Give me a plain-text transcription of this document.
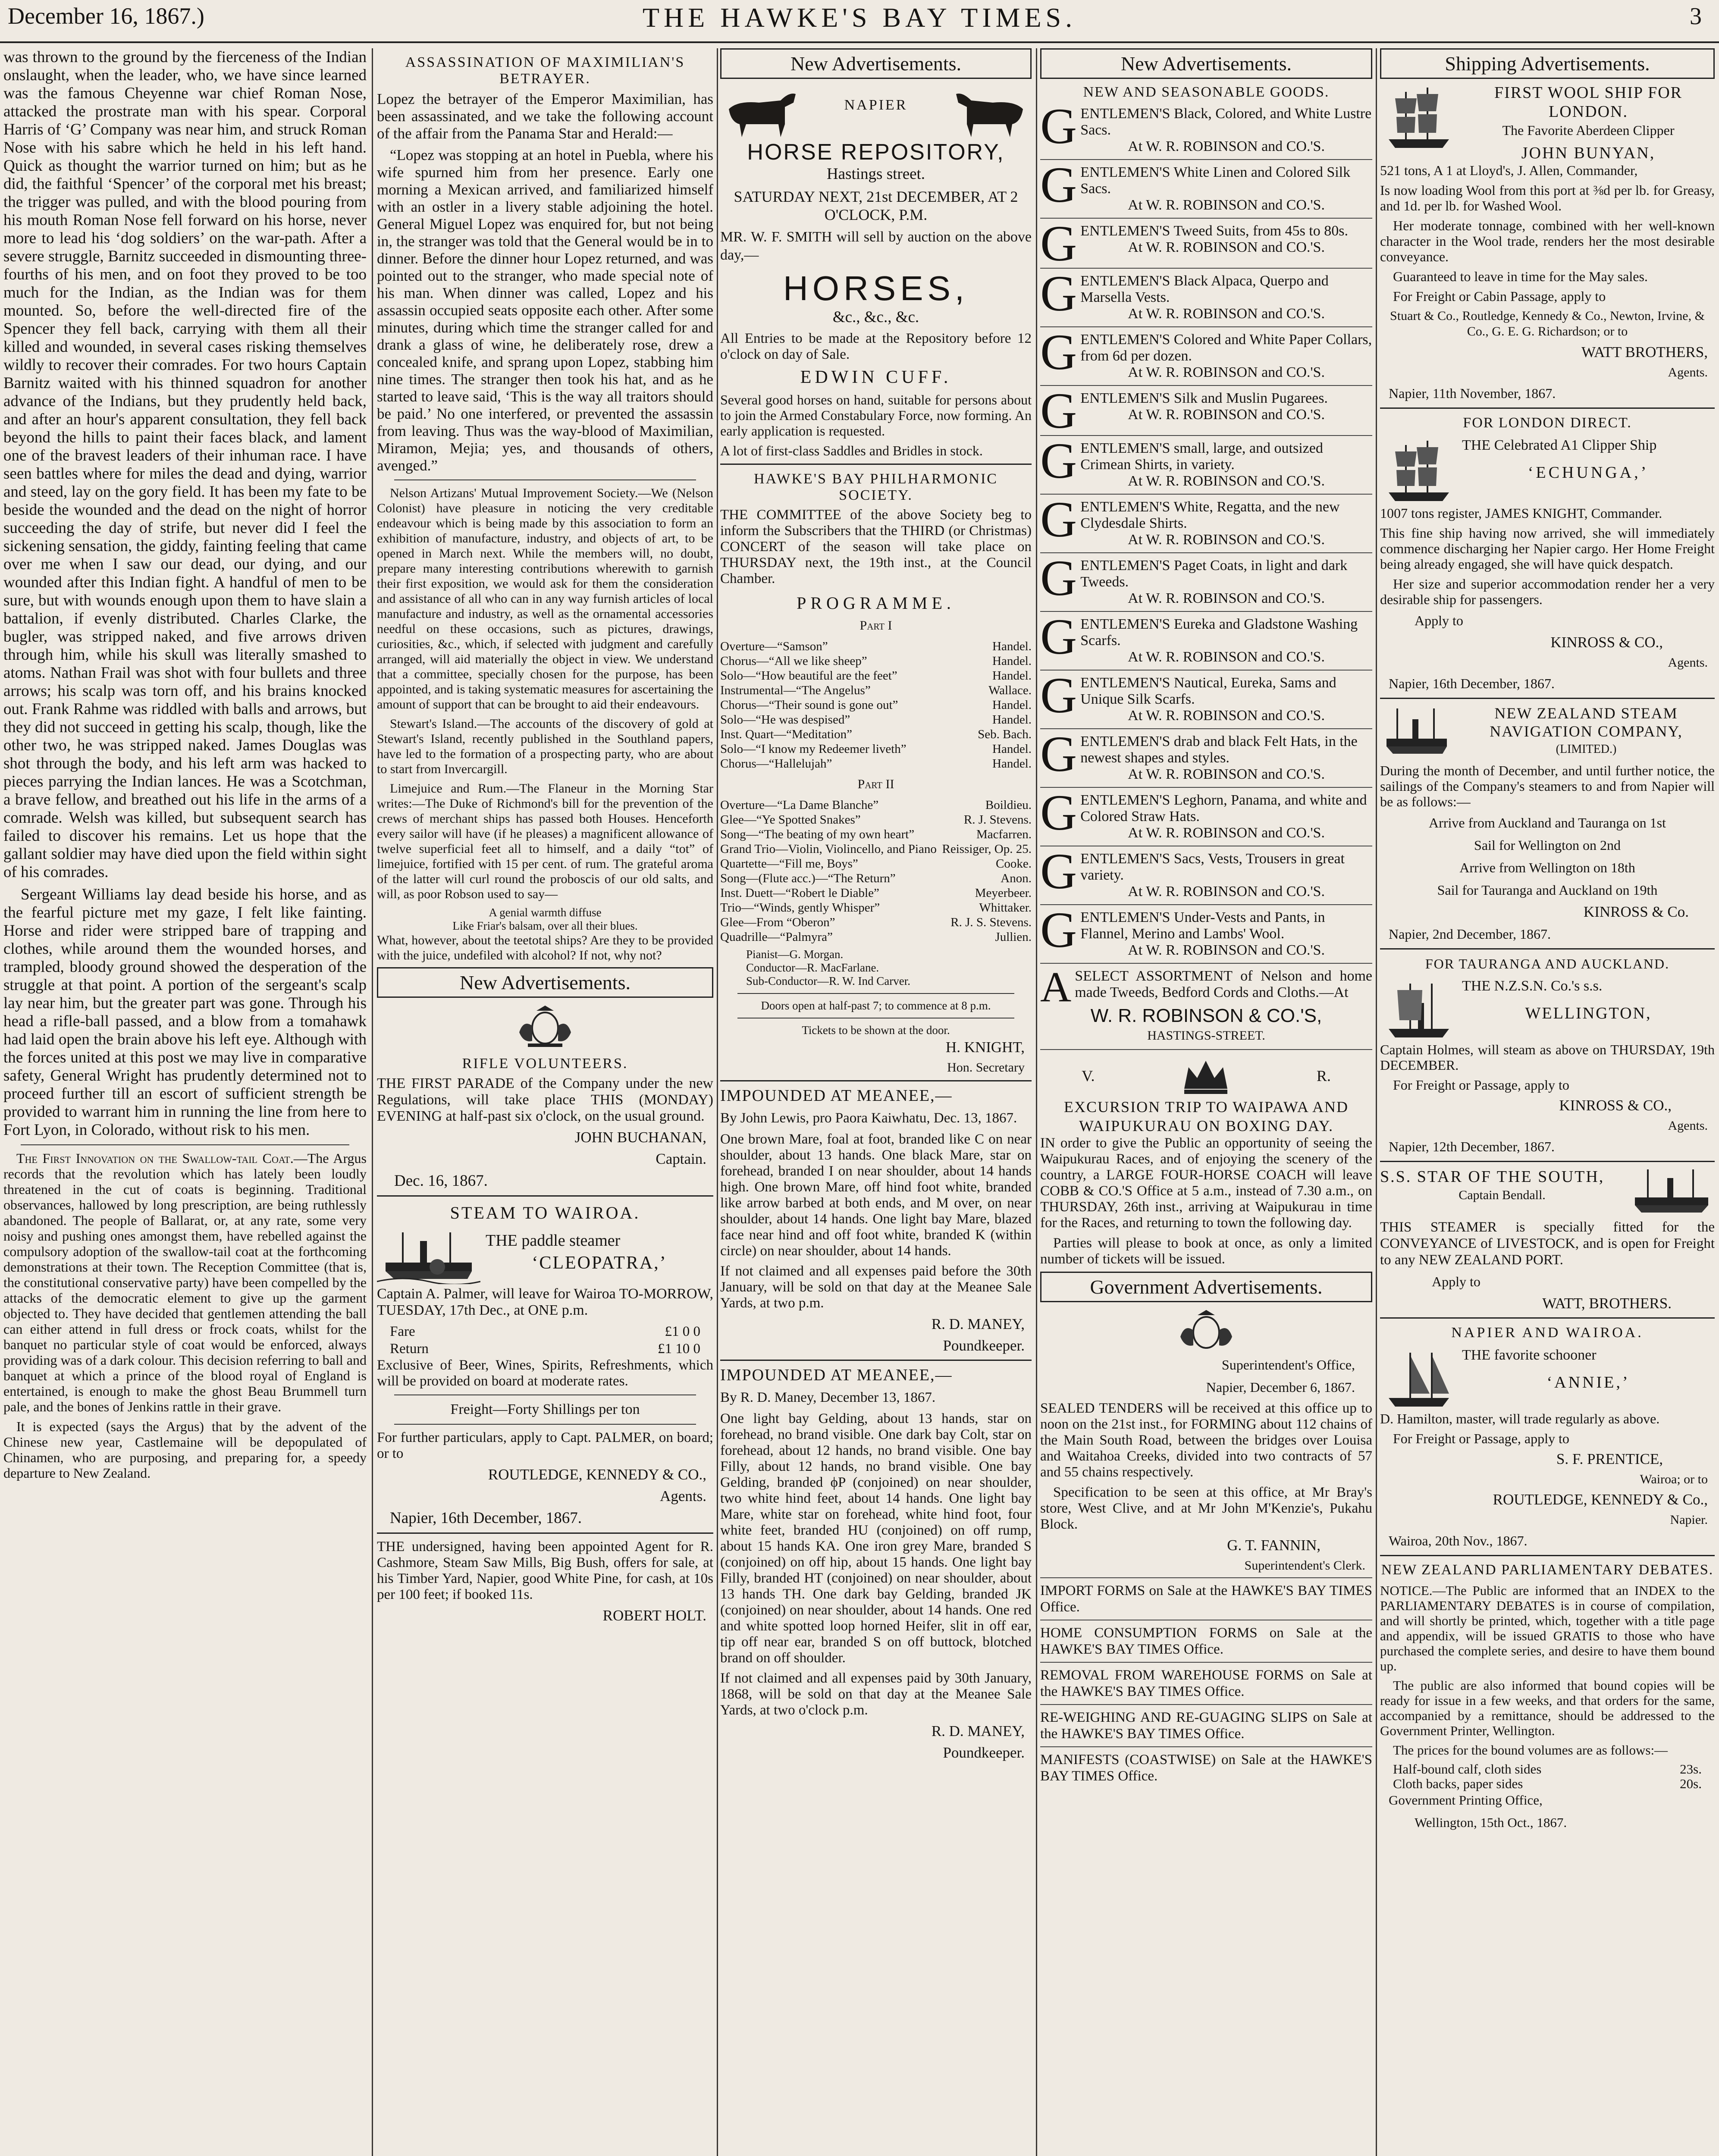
December 16, 1867.)	THE HAWKE'S BAY TIMES.	3

was thrown to the ground by the fierceness of the Indian onslaught, when the leader, who, we have since learned was the famous Cheyenne war chief Roman Nose, attacked the prostrate man with his spear. Corporal Harris of ‘G’ Company was near him, and struck Roman Nose with his sabre which he held in his left hand. Quick as thought the warrior turned on him; but as he did, the faithful ‘Spencer’ of the corporal met his breast; the trigger was pulled, and with the blood pouring from his mouth Roman Nose fell forward on his horse, never more to lead his ‘dog soldiers’ on the war-path. After a severe struggle, Barnitz succeeded in dismounting three-fourths of his men, and on foot they proved to be too much for the Indian, as the Indian was for them mounted. So, before the well-directed fire of the Spencer they fell back, carrying with them all their killed and wounded, in several cases risking themselves wildly to recover their comrades. For two hours Captain Barnitz waited with his thinned squadron for another advance of the Indians, but they prudently held back, and after an hour's apparent consultation, they fell back beyond the hills to paint their faces black, and lament one of the bravest leaders of their inhuman race. I have seen battles where for miles the dead and dying, warrior and steed, lay on the gory field. It has been my fate to be beside the wounded and the dead on the night of horror succeeding the day of strife, but never did I feel the sickening sensation, the giddy, fainting feeling that came over me when I saw our dead, our dying, and our wounded after this Indian fight. A handful of men to be sure, but with wounds enough upon them to have slain a battalion, if evenly distributed. Charles Clarke, the bugler, was stripped naked, and five arrows driven through him, while his skull was literally smashed to atoms. Nathan Frail was shot with four bullets and three arrows; his scalp was torn off, and his brains knocked out. Frank Rahme was riddled with balls and arrows, but they did not succeed in getting his scalp, though, like the other two, he was stripped naked. James Douglas was shot through the body, and his left arm was hacked to pieces parrying the Indian lances. He was a Scotchman, a brave fellow, and breathed out his life in the arms of a comrade. Welsh was killed, but subsequent search has failed to discover his remains. Let us hope that the gallant soldier may have died upon the field within sight of his comrades.

Sergeant Williams lay dead beside his horse, and as the fearful picture met my gaze, I felt like fainting. Horse and rider were stripped bare of trapping and clothes, while around them the wounded horses, and trampled, bloody ground showed the desperation of the struggle at that point. A portion of the sergeant's scalp lay near him, but the greater part was gone. Through his head a rifle-ball passed, and a blow from a tomahawk had laid open the brain above his left eye. Although with the forces united at this post we may live in comparative safety, General Wright has prudently determined not to proceed further till an escort of sufficient strength be provided to warrant him in running the line from here to Fort Lyon, in Colorado, without risk to his men.

The First Innovation on the Swallow-tail Coat.—The Argus records that the revolution which has lately been loudly threatened in the cut of coats is beginning. Traditional observances, hallowed by long prescription, are being ruthlessly abandoned. The people of Ballarat, or, at any rate, some very noisy and pushing ones amongst them, have rebelled against the compulsory adoption of the swallow-tail coat at the forthcoming demonstrations at their town. The Reception Committee (that is, the constitutional conservative party) have been compelled by the attacks of the democratic element to give up the garment objected to. They have decided that gentlemen attending the ball can either attend in full dress or frock coats, whilst for the banquet no particular style of coat would be enforced, always providing was of a dark colour. This decision referring to ball and banquet at which a prince of the blood royal of England is entertained, is enough to make the ghost Beau Brummell turn pale, and the bones of Jenkins rattle in their grave.

It is expected (says the Argus) that by the advent of the Chinese new year, Castlemaine will be depopulated of Chinamen, who are purposing, and preparing for, a speedy departure to New Zealand.

ASSASSINATION OF MAXIMILIAN'S BETRAYER.

Lopez the betrayer of the Emperor Maximilian, has been assassinated, and we take the following account of the affair from the Panama Star and Herald:—

“Lopez was stopping at an hotel in Puebla, where his wife spurned him from her presence. Early one morning a Mexican arrived, and familiarized himself with an ostler in a livery stable adjoining the hotel. General Miguel Lopez was enquired for, but not being in, the stranger was told that the General would be in to dinner. Before the dinner hour Lopez returned, and was pointed out to the stranger, who made special note of his man. When dinner was called, Lopez and his assassin occupied seats opposite each other. After some minutes, during which time the stranger called for and drank a glass of wine, he deliberately rose, drew a concealed knife, and sprang upon Lopez, stabbing him nine times. The stranger then took his hat, and as he started to leave said, ‘This is the way all traitors should be paid.’ No one interfered, or prevented the assassin from leaving. Thus was the way-blood of Maximilian, Miramon, Mejia; yes, and thousands of others, avenged.”

Nelson Artizans' Mutual Improvement Society.—We (Nelson Colonist) have pleasure in noticing the very creditable endeavour which is being made by this association to form an exhibition of manufacture, industry, and objects of art, to be opened in March next. While the members will, no doubt, prepare many interesting contributions wherewith to garnish their first exposition, we would ask for them the consideration and assistance of all who can in any way furnish articles of local manufacture and industry, as well as the ornamental accessories needful on these occasions, such as pictures, drawings, curiosities, &c., which, if selected with judgment and carefully arranged, will aid materially the object in view. We understand that a committee, specially chosen for the purpose, has been appointed, and is taking systematic measures for ascertaining the amount of support that can be brought to aid their endeavours.

Stewart's Island.—The accounts of the discovery of gold at Stewart's Island, recently published in the Southland papers, have led to the formation of a prospecting party, who are about to start from Invercargill.

Limejuice and Rum.—The Flaneur in the Morning Star writes:—The Duke of Richmond's bill for the prevention of the crews of merchant ships has passed both Houses. Henceforth every sailor will have (if he pleases) a magnificent allowance of twelve superficial feet all to himself, and a daily “tot” of limejuice, fortified with 15 per cent. of rum. The grateful aroma of the latter will curl round the proboscis of our old salts, and will, as poor Robson used to say—

A genial warmth diffuse
Like Friar's balsam, over all their blues.

What, however, about the teetotal ships? Are they to be provided with the juice, undefiled with alcohol? If not, why not?

New Advertisements.
RIFLE VOLUNTEERS.

THE FIRST PARADE of the Company under the new Regulations, will take place THIS (MONDAY) EVENING at half-past six o'clock, on the usual ground.

JOHN BUCHANAN,
Captain.
Dec. 16, 1867.
STEAM TO WAIROA.
THE paddle steamer
‘CLEOPATRA,’

Captain A. Palmer, will leave for Wairoa TO-MORROW, TUESDAY, 17th Dec., at ONE p.m.

Fare	£1 0 0
Return	£1 10 0

Exclusive of Beer, Wines, Spirits, Refreshments, which will be provided on board at moderate rates.

Freight—Forty Shillings per ton

For further particulars, apply to Capt. PALMER, on board; or to

ROUTLEDGE, KENNEDY & CO.,
Agents.
Napier, 16th December, 1867.

THE undersigned, having been appointed Agent for R. Cashmore, Steam Saw Mills, Big Bush, offers for sale, at his Timber Yard, Napier, good White Pine, for cash, at 10s per 100 feet; if booked 11s.

ROBERT HOLT.
New Advertisements.
NAPIER
HORSE REPOSITORY,
Hastings street.
SATURDAY NEXT, 21st DECEMBER, AT 2 O'CLOCK, P.M.

MR. W. F. SMITH will sell by auction on the above day,—

HORSES,
&c., &c., &c.

All Entries to be made at the Repository before 12 o'clock on day of Sale.

EDWIN CUFF.

Several good horses on hand, suitable for persons about to join the Armed Constabulary Force, now forming. An early application is requested.

A lot of first-class Saddles and Bridles in stock.

HAWKE'S BAY PHILHARMONIC SOCIETY.

THE COMMITTEE of the above Society beg to inform the Subscribers that the THIRD (or Christmas) CONCERT of the season will take place on THURSDAY next, the 19th inst., at the Council Chamber.

PROGRAMME.
Part I
Overture—“Samson”	Handel.
Chorus—“All we like sheep”	Handel.
Solo—“How beautiful are the feet”	Handel.
Instrumental—“The Angelus”	Wallace.
Chorus—“Their sound is gone out”	Handel.
Solo—“He was despised”	Handel.
Inst. Quart—“Meditation”	Seb. Bach.
Solo—“I know my Redeemer liveth”	Handel.
Chorus—“Hallelujah”	Handel.
Part II
Overture—“La Dame Blanche”	Boildieu.
Glee—“Ye Spotted Snakes”	R. J. Stevens.
Song—“The beating of my own heart”	Macfarren.
Grand Trio—Violin, Violincello, and Piano Reissiger, Op. 25.
Quartette—“Fill me, Boys”	Cooke.
Song—(Flute acc.)—“The Return”	Anon.
Inst. Duett—“Robert le Diable”	Meyerbeer.
Trio—“Winds, gently Whisper”	Whittaker.
Glee—From “Oberon”	R. J. S. Stevens.
Quadrille—“Palmyra”	Jullien.
Pianist—G. Morgan.
Conductor—R. MacFarlane.
Sub-Conductor—R. W. Ind Carver.
Doors open at half-past 7; to commence at 8 p.m.
Tickets to be shown at the door.
H. KNIGHT,
Hon. Secretary
IMPOUNDED AT MEANEE,—
By John Lewis, pro Paora Kaiwhatu, Dec. 13, 1867.

One brown Mare, foal at foot, branded like C on near shoulder, about 13 hands. One black Mare, star on forehead, branded I on near shoulder, about 14 hands high. One brown Mare, off hind foot white, branded like arrow barbed at both ends, and M over, on near shoulder, about 14 hands. One light bay Mare, blazed face near hind and off foot white, branded K (within circle) on near shoulder, about 14 hands.

If not claimed and all expenses paid before the 30th January, will be sold on that day at the Meanee Sale Yards, at two p.m.

R. D. MANEY,
Poundkeeper.
IMPOUNDED AT MEANEE,—
By R. D. Maney, December 13, 1867.

One light bay Gelding, about 13 hands, star on forehead, no brand visible. One dark bay Colt, star on forehead, about 12 hands, no brand visible. One bay Filly, about 12 hands, no brand visible. One bay Gelding, branded ϕP (conjoined) on near shoulder, two white hind feet, about 14 hands. One light bay Mare, white star on forehead, white hind foot, four white feet, branded HU (conjoined) on off rump, about 15 hands KA. One iron grey Mare, branded S (conjoined) on off hip, about 15 hands. One light bay Filly, branded HT (conjoined) on near shoulder, about 13 hands TH. One dark bay Gelding, branded JK (conjoined) on near shoulder, about 14 hands. One red and white spotted loop horned Heifer, slit in off ear, tip off near ear, branded S on off buttock, blotched brand on off shoulder.

If not claimed and all expenses paid by 30th January, 1868, will be sold on that day at the Meanee Sale Yards, at two o'clock p.m.

R. D. MANEY,
Poundkeeper.
New Advertisements.
NEW AND SEASONABLE GOODS.
GENTLEMEN'S Black, Colored, and White Lustre Sacs.
At W. R. ROBINSON and CO.'S.
GENTLEMEN'S White Linen and Colored Silk Sacs.
At W. R. ROBINSON and CO.'S.
GENTLEMEN'S Tweed Suits, from 45s to 80s.
At W. R. ROBINSON and CO.'S.
GENTLEMEN'S Black Alpaca, Querpo and Marsella Vests.
At W. R. ROBINSON and CO.'S.
GENTLEMEN'S Colored and White Paper Collars, from 6d per dozen.
At W. R. ROBINSON and CO.'S.
GENTLEMEN'S Silk and Muslin Pugarees.
At W. R. ROBINSON and CO.'S.
GENTLEMEN'S small, large, and outsized Crimean Shirts, in variety.
At W. R. ROBINSON and CO.'S.
GENTLEMEN'S White, Regatta, and the new Clydesdale Shirts.
At W. R. ROBINSON and CO.'S.
GENTLEMEN'S Paget Coats, in light and dark Tweeds.
At W. R. ROBINSON and CO.'S.
GENTLEMEN'S Eureka and Gladstone Washing Scarfs.
At W. R. ROBINSON and CO.'S.
GENTLEMEN'S Nautical, Eureka, Sams and Unique Silk Scarfs.
At W. R. ROBINSON and CO.'S.
GENTLEMEN'S drab and black Felt Hats, in the newest shapes and styles.
At W. R. ROBINSON and CO.'S.
GENTLEMEN'S Leghorn, Panama, and white and Colored Straw Hats.
At W. R. ROBINSON and CO.'S.
GENTLEMEN'S Sacs, Vests, Trousers in great variety.
At W. R. ROBINSON and CO.'S.
GENTLEMEN'S Under-Vests and Pants, in Flannel, Merino and Lambs' Wool.
At W. R. ROBINSON and CO.'S.

ASELECT ASSORTMENT of Nelson and home made Tweeds, Bedford Cords and Cloths.—At

W. R. ROBINSON & CO.'S,
HASTINGS-STREET.
V.	R.
EXCURSION TRIP TO WAIPAWA AND WAIPUKURAU ON BOXING DAY.

IN order to give the Public an opportunity of seeing the Waipukurau Races, and of enjoying the scenery of the country, a LARGE FOUR-HORSE COACH will leave COBB & CO.'S Office at 5 a.m., instead of 7.30 a.m., on THURSDAY, 26th inst., arriving at Waipukurau in time for the Races, and returning to town the following day.

Parties will please to book at once, as only a limited number of tickets will be issued.

Government Advertisements.
Superintendent's Office,
Napier, December 6, 1867.

SEALED TENDERS will be received at this office up to noon on the 21st inst., for FORMING about 112 chains of the Main South Road, between the bridges over Louisa and Waitahoa Creeks, divided into two contracts of 57 and 55 chains respectively.

Specification to be seen at this office, at Mr Bray's store, West Clive, and at Mr John M'Kenzie's, Pukahu Block.

G. T. FANNIN,
Superintendent's Clerk.

IMPORT FORMS on Sale at the HAWKE'S BAY TIMES Office.

HOME CONSUMPTION FORMS on Sale at the HAWKE'S BAY TIMES Office.

REMOVAL FROM WAREHOUSE FORMS on Sale at the HAWKE'S BAY TIMES Office.

RE-WEIGHING AND RE-GUAGING SLIPS on Sale at the HAWKE'S BAY TIMES Office.

MANIFESTS (COASTWISE) on Sale at the HAWKE'S BAY TIMES Office.

Shipping Advertisements.
FIRST WOOL SHIP FOR LONDON.
The Favorite Aberdeen Clipper
JOHN BUNYAN,

521 tons, A 1 at Lloyd's, J. Allen, Commander,

Is now loading Wool from this port at ⅜d per lb. for Greasy, and 1d. per lb. for Washed Wool.

Her moderate tonnage, combined with her well-known character in the Wool trade, renders her the most desirable conveyance.

Guaranteed to leave in time for the May sales.

For Freight or Cabin Passage, apply to

Stuart & Co., Routledge, Kennedy & Co., Newton, Irvine, & Co., G. E. G. Richardson; or to

WATT BROTHERS,
Agents.
Napier, 11th November, 1867.
FOR LONDON DIRECT.
THE Celebrated A1 Clipper Ship
‘ECHUNGA,’

1007 tons register, JAMES KNIGHT, Commander.

This fine ship having now arrived, she will immediately commence discharging her Napier cargo. Her Home Freight being already engaged, she will have quick despatch.

Her size and superior accommodation render her a very desirable ship for passengers.

Apply to
KINROSS & CO.,
Agents.
Napier, 16th December, 1867.
NEW ZEALAND STEAM NAVIGATION COMPANY,
(LIMITED.)

During the month of December, and until further notice, the sailings of the Company's steamers to and from Napier will be as follows:—

Arrive from Auckland and Tauranga on 1st
Sail for Wellington on 2nd
Arrive from Wellington on 18th
Sail for Tauranga and Auckland on 19th
KINROSS & Co.
Napier, 2nd December, 1867.
FOR TAURANGA AND AUCKLAND.
THE N.Z.S.N. Co.'s s.s.
WELLINGTON,

Captain Holmes, will steam as above on THURSDAY, 19th DECEMBER.

For Freight or Passage, apply to

KINROSS & CO.,
Agents.
Napier, 12th December, 1867.
S.S. STAR OF THE SOUTH,
Captain Bendall.

THIS STEAMER is specially fitted for the CONVEYANCE of LIVESTOCK, and is open for Freight to any NEW ZEALAND PORT.

Apply to
WATT, BROTHERS.
NAPIER AND WAIROA.
THE favorite schooner
‘ANNIE,’

D. Hamilton, master, will trade regularly as above.

For Freight or Passage, apply to

S. F. PRENTICE,
Wairoa; or to
ROUTLEDGE, KENNEDY & Co.,
Napier.
Wairoa, 20th Nov., 1867.
NEW ZEALAND PARLIAMENTARY DEBATES.

NOTICE.—The Public are informed that an INDEX to the PARLIAMENTARY DEBATES is in course of compilation, and will shortly be printed, which, together with a title page and appendix, will be issued GRATIS to those who have purchased the complete series, and desire to have them bound up.

The public are also informed that bound copies will be ready for issue in a few weeks, and that orders for the same, accompanied by a remittance, should be addressed to the Government Printer, Wellington.

The prices for the bound volumes are as follows:—

Half-bound calf, cloth sides	23s.
Cloth backs, paper sides	20s.
Government Printing Office,
Wellington, 15th Oct., 1867.
